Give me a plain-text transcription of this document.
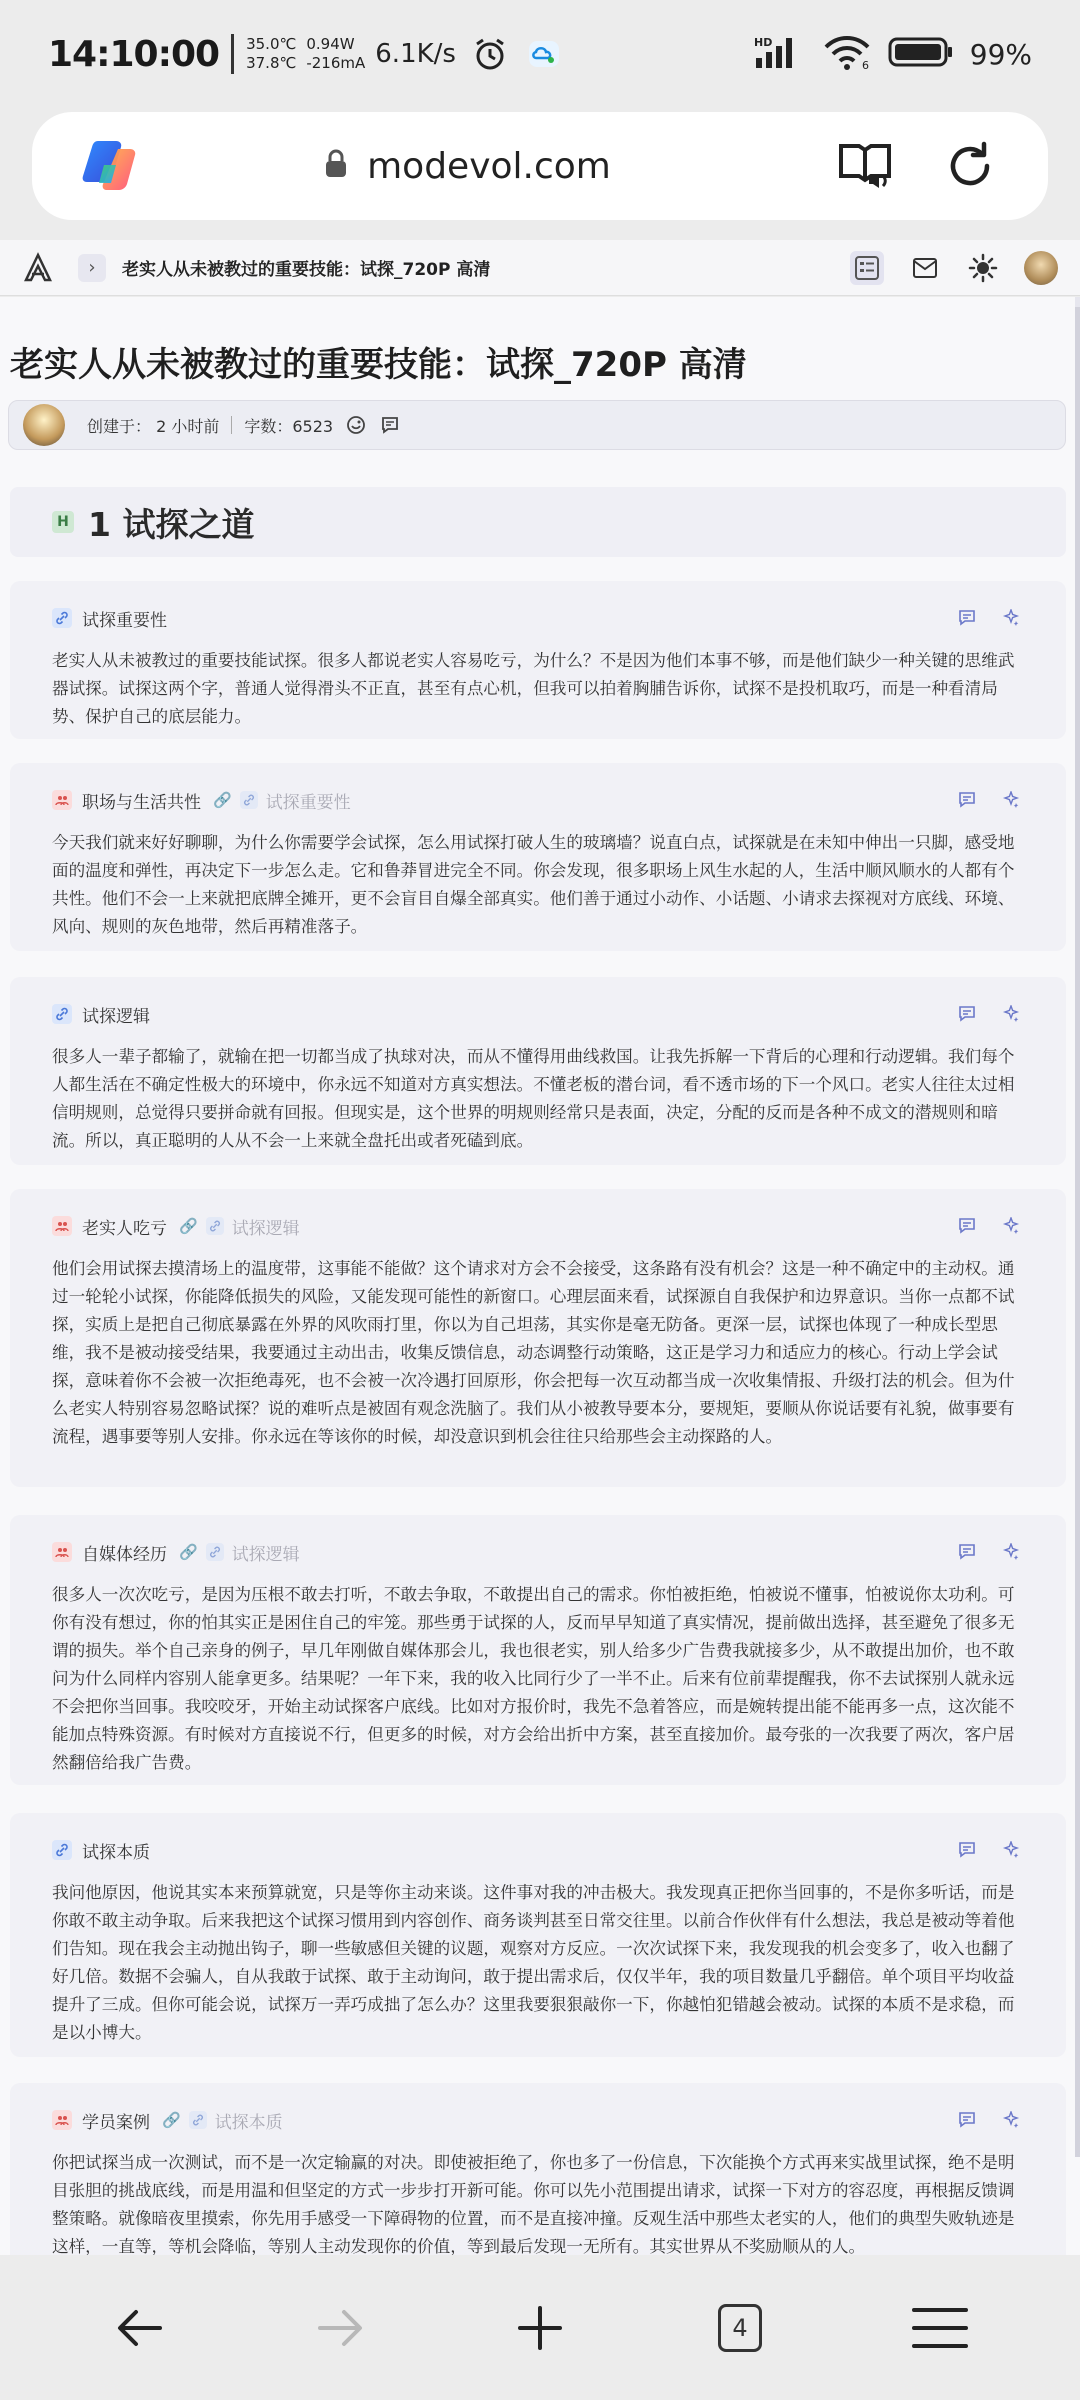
14:10:00 35.0℃
37.8℃
0.94W
-216mA 6.1K/s	HD
6	99%
modevol.com
›	老实人从未被教过的重要技能：试探_720P 高清
老实人从未被教过的重要技能：试探_720P 高清
创建于： 2 小时前 字数：6523
H 1 试探之道
试探重要性
老实人从未被教过的重要技能试探。很多人都说老实人容易吃亏，为什么？不是因为他们本事不够，而是他们缺少一种关键的思维武器试探。试探这两个字，普通人觉得滑头不正直，甚至有点心机，但我可以拍着胸脯告诉你，试探不是投机取巧，而是一种看清局势、保护自己的底层能力。
职场与生活共性 🔗 试探重要性
今天我们就来好好聊聊，为什么你需要学会试探，怎么用试探打破人生的玻璃墙？说直白点，试探就是在未知中伸出一只脚，感受地面的温度和弹性，再决定下一步怎么走。它和鲁莽冒进完全不同。你会发现，很多职场上风生水起的人，生活中顺风顺水的人都有个共性。他们不会一上来就把底牌全摊开，更不会盲目自爆全部真实。他们善于通过小动作、小话题、小请求去探视对方底线、环境、风向、规则的灰色地带，然后再精准落子。
试探逻辑
很多人一辈子都输了，就输在把一切都当成了执球对决，而从不懂得用曲线救国。让我先拆解一下背后的心理和行动逻辑。我们每个人都生活在不确定性极大的环境中，你永远不知道对方真实想法。不懂老板的潜台词，看不透市场的下一个风口。老实人往往太过相信明规则，总觉得只要拼命就有回报。但现实是，这个世界的明规则经常只是表面，决定，分配的反而是各种不成文的潜规则和暗流。所以，真正聪明的人从不会一上来就全盘托出或者死磕到底。
老实人吃亏 🔗 试探逻辑
他们会用试探去摸清场上的温度带，这事能不能做？这个请求对方会不会接受，这条路有没有机会？这是一种不确定中的主动权。通过一轮轮小试探，你能降低损失的风险，又能发现可能性的新窗口。心理层面来看，试探源自自我保护和边界意识。当你一点都不试探，实质上是把自己彻底暴露在外界的风吹雨打里，你以为自己坦荡，其实你是毫无防备。更深一层，试探也体现了一种成长型思维，我不是被动接受结果，我要通过主动出击，收集反馈信息，动态调整行动策略，这正是学习力和适应力的核心。行动上学会试探，意味着你不会被一次拒绝毒死，也不会被一次冷遇打回原形，你会把每一次互动都当成一次收集情报、升级打法的机会。但为什么老实人特别容易忽略试探？说的难听点是被固有观念洗脑了。我们从小被教导要本分，要规矩，要顺从你说话要有礼貌，做事要有流程，遇事要等别人安排。你永远在等该你的时候，却没意识到机会往往只给那些会主动探路的人。
自媒体经历 🔗 试探逻辑
很多人一次次吃亏，是因为压根不敢去打听，不敢去争取，不敢提出自己的需求。你怕被拒绝，怕被说不懂事，怕被说你太功利。可你有没有想过，你的怕其实正是困住自己的牢笼。那些勇于试探的人，反而早早知道了真实情况，提前做出选择，甚至避免了很多无谓的损失。举个自己亲身的例子，早几年刚做自媒体那会儿，我也很老实，别人给多少广告费我就接多少，从不敢提出加价，也不敢问为什么同样内容别人能拿更多。结果呢？一年下来，我的收入比同行少了一半不止。后来有位前辈提醒我，你不去试探别人就永远不会把你当回事。我咬咬牙，开始主动试探客户底线。比如对方报价时，我先不急着答应，而是婉转提出能不能再多一点，这次能不能加点特殊资源。有时候对方直接说不行，但更多的时候，对方会给出折中方案，甚至直接加价。最夸张的一次我要了两次，客户居然翻倍给我广告费。
试探本质
我问他原因，他说其实本来预算就宽，只是等你主动来谈。这件事对我的冲击极大。我发现真正把你当回事的，不是你多听话，而是你敢不敢主动争取。后来我把这个试探习惯用到内容创作、商务谈判甚至日常交往里。以前合作伙伴有什么想法，我总是被动等着他们告知。现在我会主动抛出钩子，聊一些敏感但关键的议题，观察对方反应。一次次试探下来，我发现我的机会变多了，收入也翻了好几倍。数据不会骗人，自从我敢于试探、敢于主动询问，敢于提出需求后，仅仅半年，我的项目数量几乎翻倍。单个项目平均收益提升了三成。但你可能会说，试探万一弄巧成拙了怎么办？这里我要狠狠敲你一下，你越怕犯错越会被动。试探的本质不是求稳，而是以小博大。
学员案例 🔗 试探本质
你把试探当成一次测试，而不是一次定输赢的对决。即使被拒绝了，你也多了一份信息，下次能换个方式再来实战里试探，绝不是明目张胆的挑战底线，而是用温和但坚定的方式一步步打开新可能。你可以先小范围提出请求，试探一下对方的容忍度，再根据反馈调整策略。就像暗夜里摸索，你先用手感受一下障碍物的位置，而不是直接冲撞。反观生活中那些太老实的人，他们的典型失败轨迹是这样，一直等，等机会降临，等别人主动发现你的价值，等到最后发现一无所有。其实世界从不奖励顺从的人。
4
